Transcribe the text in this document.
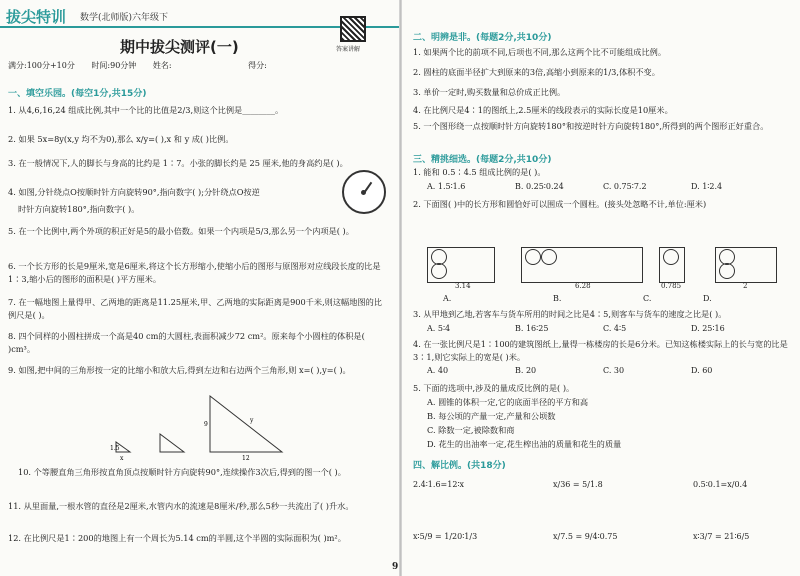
拔尖特训 数学(北师版)六年级下
答案讲解
期中拔尖测评(一)
满分:100分+10分 时间:90分钟 姓名:	得分:
一、填空乐园。(每空1分,共15分)
1. 从4,6,16,24 组成比例,其中一个比的比值是2/3,则这个比例是________。
2. 如果 5x=8y(x,y 均不为0),那么 x/y=( ),x 和 y 成( )比例。
3. 在一般情况下,人的脚长与身高的比约是 1∶7。小张的脚长约是 25 厘米,他的身高约是( )。
4. 如图,分针绕点O按顺时针方向旋转90°,指向数字( );分针绕点O按逆
时针方向旋转180°,指向数字( )。
5. 在一个比例中,两个外项的积正好是5的最小倍数。如果一个内项是5/3,那么另一个内项是( )。
6. 一个长方形的长是9厘米,宽是6厘米,将这个长方形缩小,使缩小后的图形与原图形对应线段长度的比是1∶3,缩小后的图形的面积是( )平方厘米。
7. 在一幅地图上量得甲、乙两地的距离是11.25厘米,甲、乙两地的实际距离是900千米,则这幅地图的比例尺是( )。
8. 四个同样的小圆柱拼成一个高是40 cm的大圆柱,表面积减少72 cm²。原来每个小圆柱的体积是( )cm³。
9. 如图,把中间的三角形按一定的比缩小和放大后,得到左边和右边两个三角形,则 x=( ),y=( )。
1.5
x
y
9
12
10. 个等腰直角三角形按直角顶点按顺时针方向旋转90°,连续操作3次后,得到的图一个( )。
11. 从里面量,一根水管的直径是2厘米,水管内水的流速是8厘米/秒,那么5秒一共流出了( )升水。
12. 在比例尺是1∶200的地图上有一个周长为5.14 cm的半圆,这个半圆的实际面积为( )m²。
二、明辨是非。(每题2分,共10分)
1. 如果两个比的前项不同,后项也不同,那么这两个比不可能组成比例。
2. 圆柱的底面半径扩大到原来的3倍,高缩小到原来的1/3,体积不变。
3. 单价一定时,购买数量和总价成正比例。
4. 在比例尺是4∶1的图纸上,2.5厘米的线段表示的实际长度是10厘米。
5. 一个图形绕一点按顺时针方向旋转180°和按逆时针方向旋转180°,所得到的两个图形正好重合。
三、精挑细选。(每题2分,共10分)
1. 能和 0.5∶4.5 组成比例的是( )。
A. 1.5∶1.6	B. 0.25∶0.24	C. 0.75∶7.2	D. 1∶2.4
2. 下面图( )中的长方形和圆恰好可以围成一个圆柱。(接头处忽略不计,单位:厘米)
3.14	6.28	0.785	2
A.	B.	C.	D.
3. 从甲地到乙地,若客车与货车所用的时间之比是4∶5,则客车与货车的速度之比是( )。
A. 5∶4	B. 16∶25	C. 4∶5	D. 25∶16
4. 在一张比例尺是1∶100的建筑图纸上,量得一栋楼房的长是6分米。已知这栋楼实际上的长与宽的比是3∶1,则它实际上的宽是( )米。
A. 40	B. 20	C. 30	D. 60
5. 下面的选项中,涉及的量成反比例的是( )。
A. 圆锥的体积一定,它的底面半径的平方和高
B. 每公顷的产量一定,产量和公顷数
C. 除数一定,被除数和商
D. 花生的出油率一定,花生榨出油的质量和花生的质量
四、解比例。(共18分)
2.4∶1.6=12∶x	x/36 = 5/1.8	0.5∶0.1=x/0.4
x∶5/9 = 1/20∶1/3	x/7.5 = 9/4∶0.75	x∶3/7 = 21∶6/5
9
